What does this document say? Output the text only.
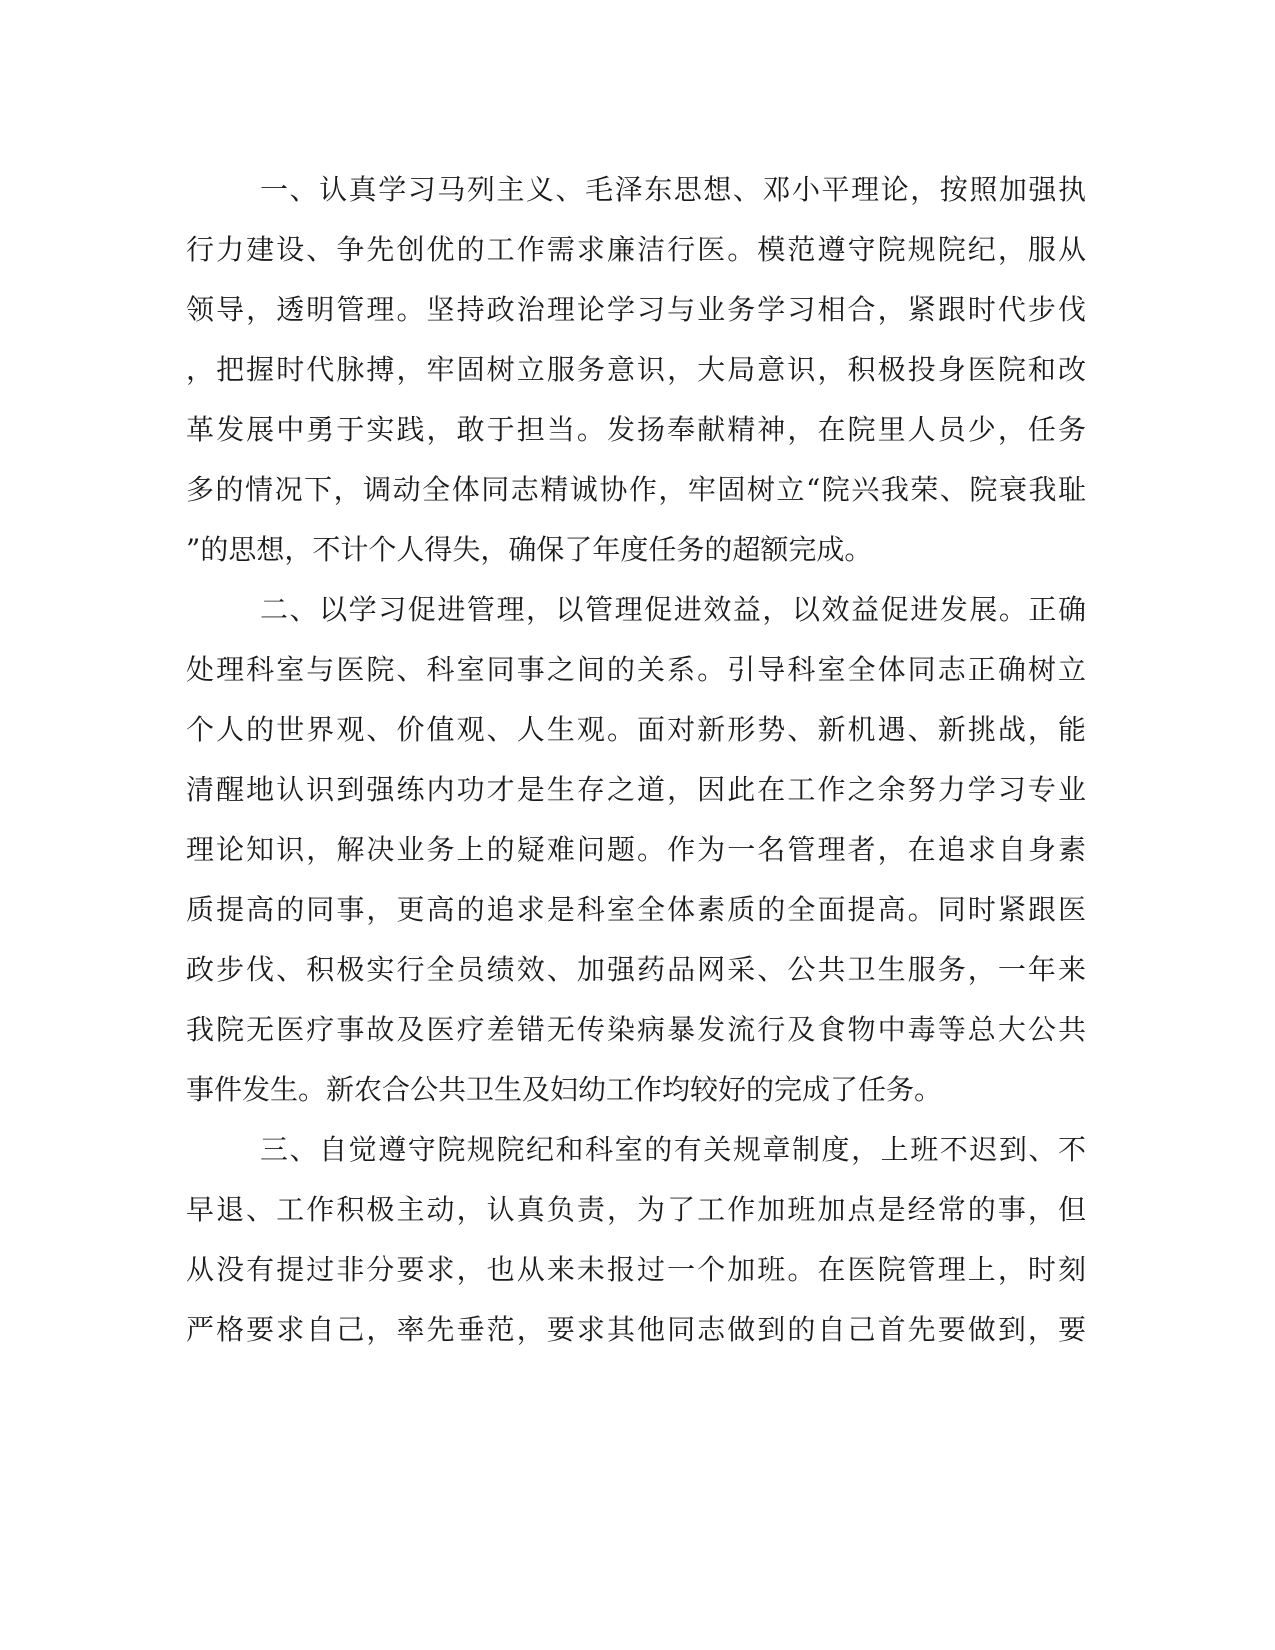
一、认真学习马列主义、毛泽东思想、邓小平理论，按照加强执
行力建设、争先创优的工作需求廉洁行医。模范遵守院规院纪，服从
领导，透明管理。坚持政治理论学习与业务学习相合，紧跟时代步伐
，把握时代脉搏，牢固树立服务意识，大局意识，积极投身医院和改
革发展中勇于实践，敢于担当。发扬奉献精神，在院里人员少，任务
多的情况下，调动全体同志精诚协作，牢固树立“院兴我荣、院衰我耻
”的思想，不计个人得失，确保了年度任务的超额完成。
二、以学习促进管理，以管理促进效益，以效益促进发展。正确
处理科室与医院、科室同事之间的关系。引导科室全体同志正确树立
个人的世界观、价值观、人生观。面对新形势、新机遇、新挑战，能
清醒地认识到强练内功才是生存之道，因此在工作之余努力学习专业
理论知识，解决业务上的疑难问题。作为一名管理者，在追求自身素
质提高的同事，更高的追求是科室全体素质的全面提高。同时紧跟医
政步伐、积极实行全员绩效、加强药品网采、公共卫生服务，一年来
我院无医疗事故及医疗差错无传染病暴发流行及食物中毒等总大公共
事件发生。新农合公共卫生及妇幼工作均较好的完成了任务。
三、自觉遵守院规院纪和科室的有关规章制度，上班不迟到、不
早退、工作积极主动，认真负责，为了工作加班加点是经常的事，但
从没有提过非分要求，也从来未报过一个加班。在医院管理上，时刻
严格要求自己，率先垂范，要求其他同志做到的自己首先要做到，要
